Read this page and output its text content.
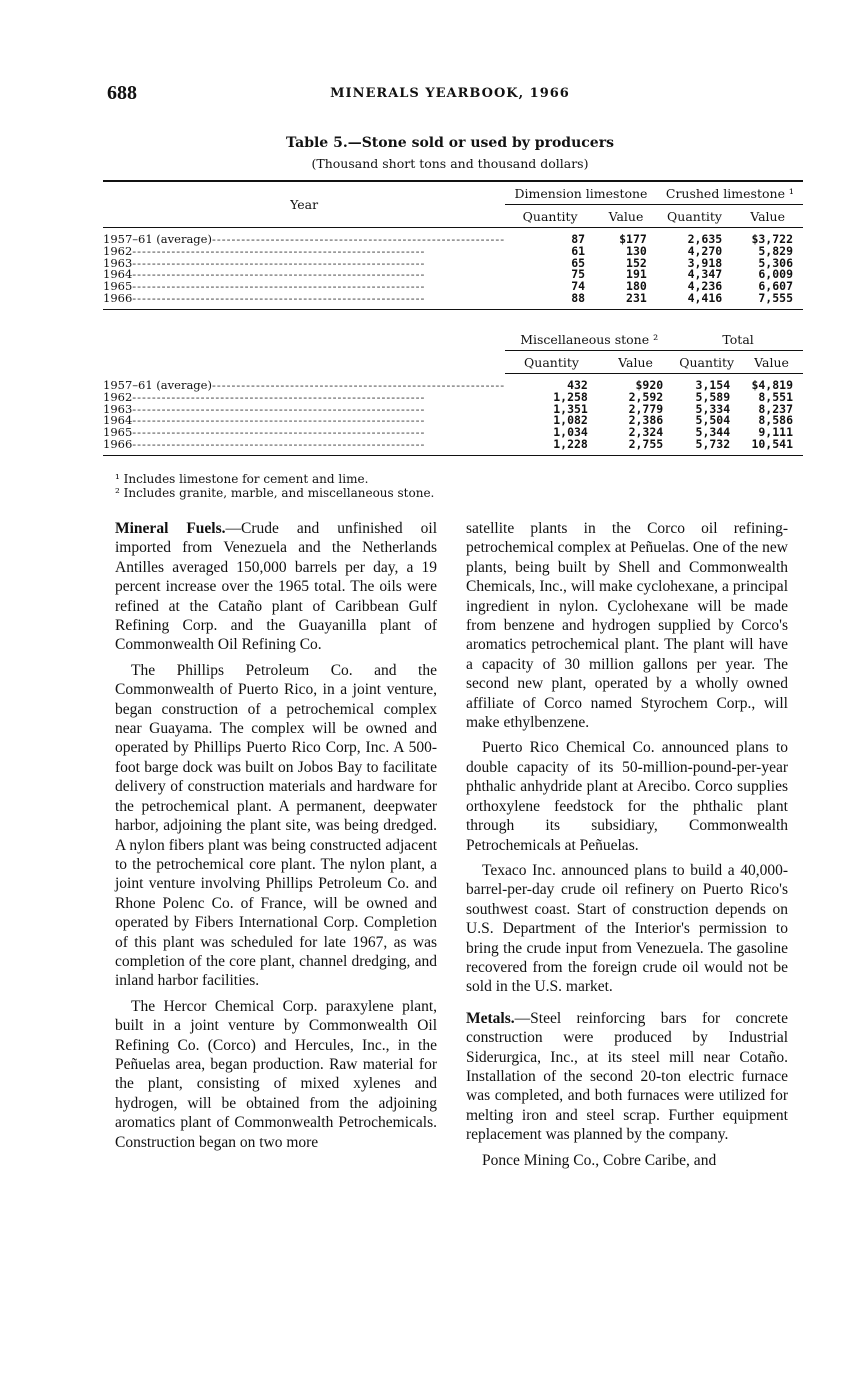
688	MINERALS YEARBOOK, 1966
Table 5.—Stone sold or used by producers
(Thousand short tons and thousand dollars)
Year	Dimension limestone		Crushed limestone ¹	
	Quantity	Value	Quantity	Value
1957–61 (average)------------------------------------------------------------	87	$177	2,635	$3,722
1962------------------------------------------------------------	61	130	4,270	5,829
1963------------------------------------------------------------	65	152	3,918	5,306
1964------------------------------------------------------------	75	191	4,347	6,009
1965------------------------------------------------------------	74	180	4,236	6,607
1966------------------------------------------------------------	88	231	4,416	7,555
	Miscellaneous stone ²		Total	
	Quantity	Value	Quantity	Value
1957–61 (average)------------------------------------------------------------	432	$920	3,154	$4,819
1962------------------------------------------------------------	1,258	2,592	5,589	8,551
1963------------------------------------------------------------	1,351	2,779	5,334	8,237
1964------------------------------------------------------------	1,082	2,386	5,504	8,586
1965------------------------------------------------------------	1,034	2,324	5,344	9,111
1966------------------------------------------------------------	1,228	2,755	5,732	10,541
¹ Includes limestone for cement and lime.
² Includes granite, marble, and miscellaneous stone.

Mineral Fuels.—Crude and unfinished oil imported from Venezuela and the Netherlands Antilles averaged 150,000 barrels per day, a 19 percent increase over the 1965 total. The oils were refined at the Cataño plant of Caribbean Gulf Refining Corp. and the Guayanilla plant of Commonwealth Oil Refining Co.

The Phillips Petroleum Co. and the Commonwealth of Puerto Rico, in a joint venture, began construction of a petrochemical complex near Guayama. The complex will be owned and operated by Phillips Puerto Rico Corp, Inc. A 500-foot barge dock was built on Jobos Bay to facilitate delivery of construction materials and hardware for the petrochemical plant. A permanent, deepwater harbor, adjoining the plant site, was being dredged. A nylon fibers plant was being constructed adjacent to the petrochemical core plant. The nylon plant, a joint venture involving Phillips Petroleum Co. and Rhone Polenc Co. of France, will be owned and operated by Fibers International Corp. Completion of this plant was scheduled for late 1967, as was completion of the core plant, channel dredging, and inland harbor facilities.

The Hercor Chemical Corp. paraxylene plant, built in a joint venture by Commonwealth Oil Refining Co. (Corco) and Hercules, Inc., in the Peñuelas area, began production. Raw material for the plant, consisting of mixed xylenes and hydrogen, will be obtained from the adjoining aromatics plant of Commonwealth Petrochemicals. Construction began on two more

satellite plants in the Corco oil refining-petrochemical complex at Peñuelas. One of the new plants, being built by Shell and Commonwealth Chemicals, Inc., will make cyclohexane, a principal ingredient in nylon. Cyclohexane will be made from benzene and hydrogen supplied by Corco's aromatics petrochemical plant. The plant will have a capacity of 30 million gallons per year. The second new plant, operated by a wholly owned affiliate of Corco named Styrochem Corp., will make ethylbenzene.

Puerto Rico Chemical Co. announced plans to double capacity of its 50-million-pound-per-year phthalic anhydride plant at Arecibo. Corco supplies orthoxylene feedstock for the phthalic plant through its subsidiary, Commonwealth Petrochemicals at Peñuelas.

Texaco Inc. announced plans to build a 40,000-barrel-per-day crude oil refinery on Puerto Rico's southwest coast. Start of construction depends on U.S. Department of the Interior's permission to bring the crude input from Venezuela. The gasoline recovered from the foreign crude oil would not be sold in the U.S. market.

Metals.—Steel reinforcing bars for concrete construction were produced by Industrial Siderurgica, Inc., at its steel mill near Cotaño. Installation of the second 20-ton electric furnace was completed, and both furnaces were utilized for melting iron and steel scrap. Further equipment replacement was planned by the company.

Ponce Mining Co., Cobre Caribe, and
